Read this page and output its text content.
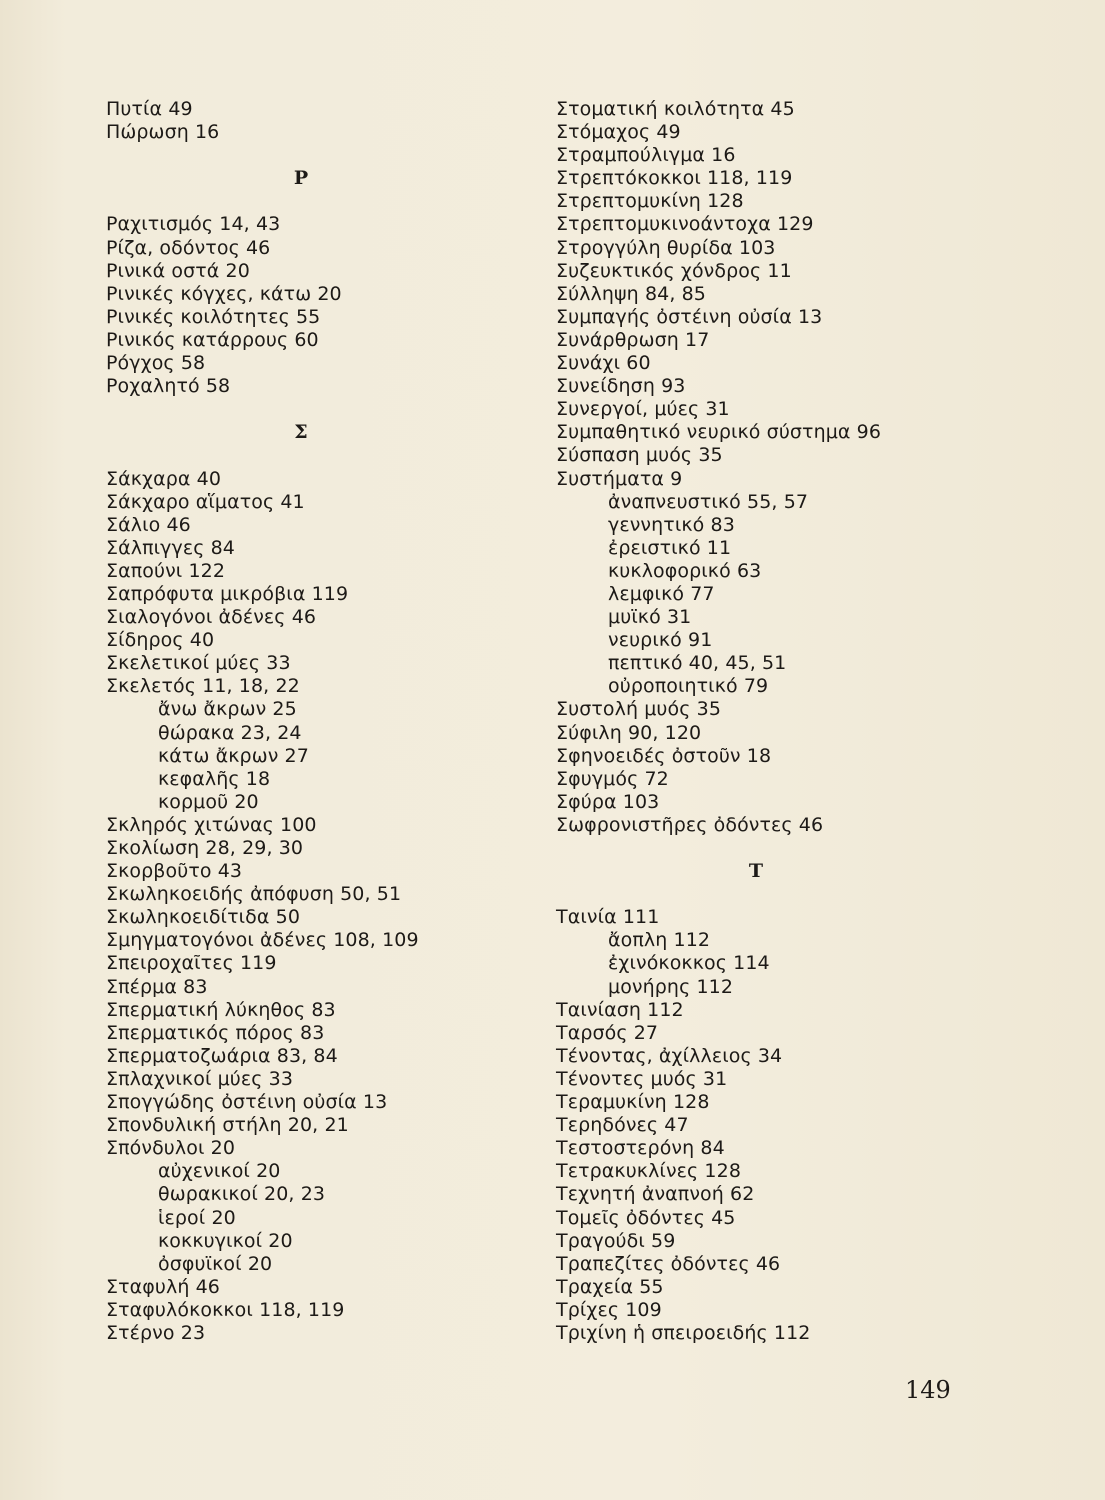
Πυτία 49
Πώρωση 16
Ρ
Ραχιτισμός 14, 43
Ρίζα, οδόντος 46
Ρινικά οστά 20
Ρινικές κόγχες, κάτω 20
Ρινικές κοιλότητες 55
Ρινικός κατάρρους 60
Ρόγχος 58
Ροχαλητό 58
Σ
Σάκχαρα 40
Σάκχαρο αἵματος 41
Σάλιο 46
Σάλπιγγες 84
Σαπούνι 122
Σαπρόφυτα μικρόβια 119
Σιαλογόνοι ἀδένες 46
Σίδηρος 40
Σκελετικοί μύες 33
Σκελετός 11, 18, 22
ἄνω ἄκρων 25
θώρακα 23, 24
κάτω ἄκρων 27
κεφαλῆς 18
κορμοῦ 20
Σκληρός χιτώνας 100
Σκολίωση 28, 29, 30
Σκορβοῦτο 43
Σκωληκοειδής ἀπόφυση 50, 51
Σκωληκοειδίτιδα 50
Σμηγματογόνοι ἀδένες 108, 109
Σπειροχαῖτες 119
Σπέρμα 83
Σπερματική λύκηθος 83
Σπερματικός πόρος 83
Σπερματοζωάρια 83, 84
Σπλαχνικοί μύες 33
Σπογγώδης ὀστέινη οὐσία 13
Σπονδυλική στήλη 20, 21
Σπόνδυλοι 20
αὐχενικοί 20
θωρακικοί 20, 23
ἱεροί 20
κοκκυγικοί 20
ὀσφυϊκοί 20
Σταφυλή 46
Σταφυλόκοκκοι 118, 119
Στέρνο 23
Στοματική κοιλότητα 45
Στόμαχος 49
Στραμπούλιγμα 16
Στρεπτόκοκκοι 118, 119
Στρεπτομυκίνη 128
Στρεπτομυκινοάντοχα 129
Στρογγύλη θυρίδα 103
Συζευκτικός χόνδρος 11
Σύλληψη 84, 85
Συμπαγής ὀστέινη οὐσία 13
Συνάρθρωση 17
Συνάχι 60
Συνείδηση 93
Συνεργοί, μύες 31
Συμπαθητικό νευρικό σύστημα 96
Σύσπαση μυός 35
Συστήματα 9
ἀναπνευστικό 55, 57
γεννητικό 83
ἐρειστικό 11
κυκλοφορικό 63
λεμφικό 77
μυϊκό 31
νευρικό 91
πεπτικό 40, 45, 51
οὐροποιητικό 79
Συστολή μυός 35
Σύφιλη 90, 120
Σφηνοειδές ὀστοῦν 18
Σφυγμός 72
Σφύρα 103
Σωφρονιστῆρες ὀδόντες 46
Τ
Ταινία 111
ἄοπλη 112
ἐχινόκοκκος 114
μονήρης 112
Ταινίαση 112
Ταρσός 27
Τένοντας, ἀχίλλειος 34
Τένοντες μυός 31
Τεραμυκίνη 128
Τερηδόνες 47
Τεστοστερόνη 84
Τετρακυκλίνες 128
Τεχνητή ἀναπνοή 62
Τομεῖς ὀδόντες 45
Τραγούδι 59
Τραπεζίτες ὀδόντες 46
Τραχεία 55
Τρίχες 109
Τριχίνη ἡ σπειροειδής 112
149
